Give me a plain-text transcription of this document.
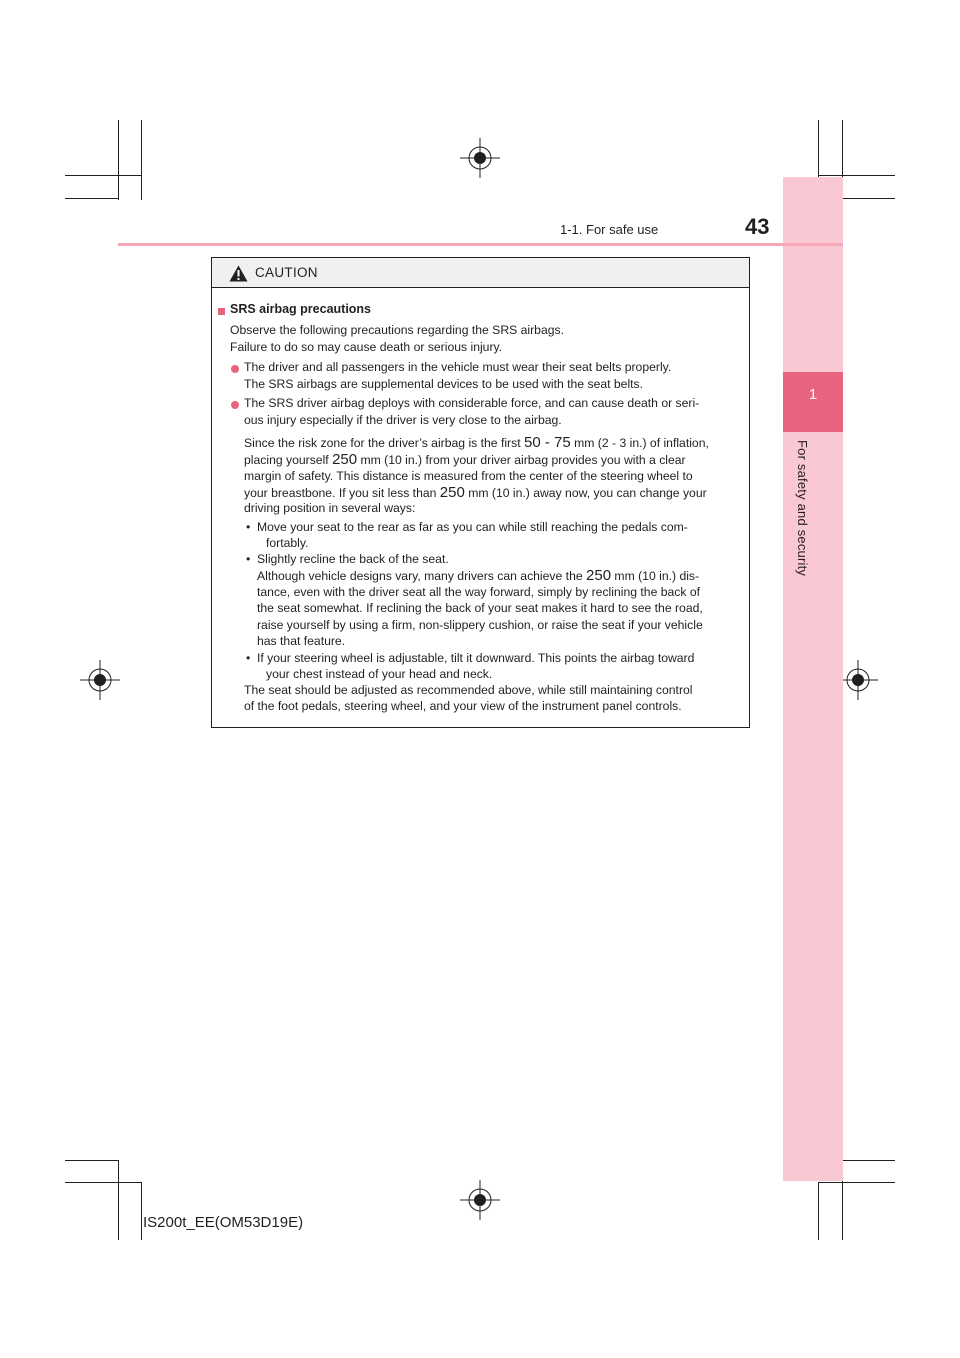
1
For safety and security
1-1. For safe use	43
CAUTION
SRS airbag precautions
Observe the following precautions regarding the SRS airbags.
Failure to do so may cause death or serious injury.
The driver and all passengers in the vehicle must wear their seat belts properly.
The SRS airbags are supplemental devices to be used with the seat belts.
The SRS driver airbag deploys with considerable force, and can cause death or seri-
ous injury especially if the driver is very close to the airbag.
Since the risk zone for the driver’s airbag is the first 50 - 75 mm (2 - 3 in.) of inflation,
placing yourself 250 mm (10 in.) from your driver airbag provides you with a clear
margin of safety. This distance is measured from the center of the steering wheel to
your breastbone. If you sit less than 250 mm (10 in.) away now, you can change your
driving position in several ways:
• Move your seat to the rear as far as you can while still reaching the pedals com-
fortably.
• Slightly recline the back of the seat.
Although vehicle designs vary, many drivers can achieve the 250 mm (10 in.) dis-
tance, even with the driver seat all the way forward, simply by reclining the back of
the seat somewhat. If reclining the back of your seat makes it hard to see the road,
raise yourself by using a firm, non-slippery cushion, or raise the seat if your vehicle
has that feature.
• If your steering wheel is adjustable, tilt it downward. This points the airbag toward
your chest instead of your head and neck.
The seat should be adjusted as recommended above, while still maintaining control
of the foot pedals, steering wheel, and your view of the instrument panel controls.
IS200t_EE(OM53D19E)
